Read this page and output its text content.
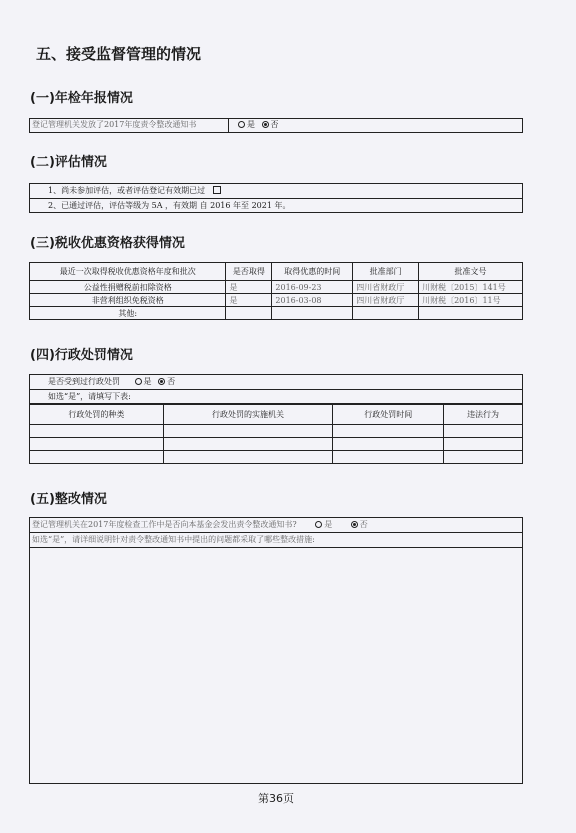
五、接受监督管理的情况
(一)年检年报情况
登记管理机关发放了2017年度责令整改通知书	是 否
(二)评估情况
1、尚未参加评估，或者评估登记有效期已过
2、已通过评估，评估等级为 5A ，有效期 自 2016 年至 2021 年。
(三)税收优惠资格获得情况
最近一次取得税收优惠资格年度和批次	是否取得	取得优惠的时间	批准部门	批准文号
公益性捐赠税前扣除资格	是	2016-09-23	四川省财政厅	川财税〔2015〕141号
非营利组织免税资格	是	2016-03-08	四川省财政厅	川财税〔2016〕11号
其他:				
(四)行政处罚情况
是否受到过行政处罚	是 否
如选“是”，请填写下表:
行政处罚的种类	行政处罚的实施机关	行政处罚时间	违法行为

(五)整改情况
登记管理机关在2017年度检查工作中是否向本基金会发出责令整改通知书?	是	否
如选“是”，请详细说明针对责令整改通知书中提出的问题都采取了哪些整改措施:
第36页
